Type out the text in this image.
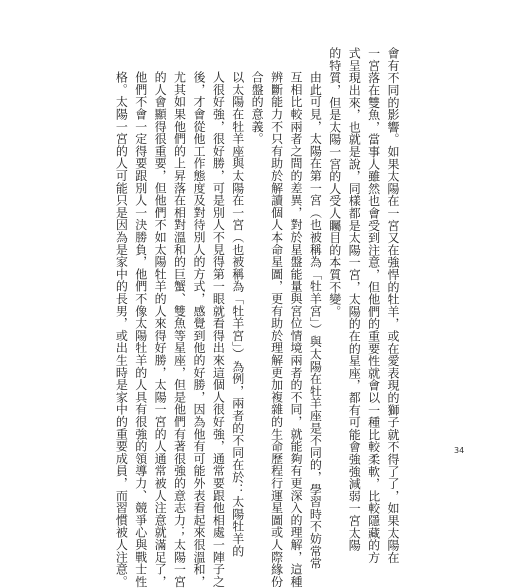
會有不同的影響。如果太陽在一宮又在強悍的牡羊，或在愛表現的獅子就不得了了，如果太陽在
一宮落在雙魚，當事人雖然也會受到注意，但他們的重要性就會以一種比較柔軟，比較隱藏的方
式呈現出來，也就是說，同樣都是太陽一宮，太陽的在的星座，都有可能會強強減弱一宮太陽
的特質，但是太陽一宮的人受人矚目的本質不變。

由此可見，太陽在第一宮（也被稱為「牡羊宮」）與太陽在牡羊座是不同的，學習時不妨常常
互相比較兩者之間的差異，對於星盤能量與宮位情境兩者的不同，就能夠有更深入的理解，這種
辨斷能力不只有助於解讀個人本命星圖，更有助於理解更加複雜的生命歷程行運星圖或人際緣份
合盤的意義。

以太陽在牡羊座與太陽在一宮（也被稱為「牡羊宮」）為例，兩者的不同在於：太陽牡羊的
人很好強，很好勝，可是別人不見得第一眼就看得出來這個人很好強，通常要跟他相處一陣子之
後，才會從他工作態度及對待別人的方式，感覺到他的好勝，因為他有可能外表看起來很溫和，
尤其如果他們的上昇落在相對溫和的巨蟹、雙魚等星座，但是他們有著很強的意志力；太陽一宮
的人會顯得很重要，但他們不如太陽牡羊的人來得好勝，太陽一宮的人通常被人注意就滿足了，
他們不會一定得要跟別人一決勝負，他們不像太陽牡羊的人具有很強的領導力、競爭心與戰士性
格。太陽一宮的人可能只是因為是家中的長男，或出生時是家中的重要成員，而習慣被人注意。	34
